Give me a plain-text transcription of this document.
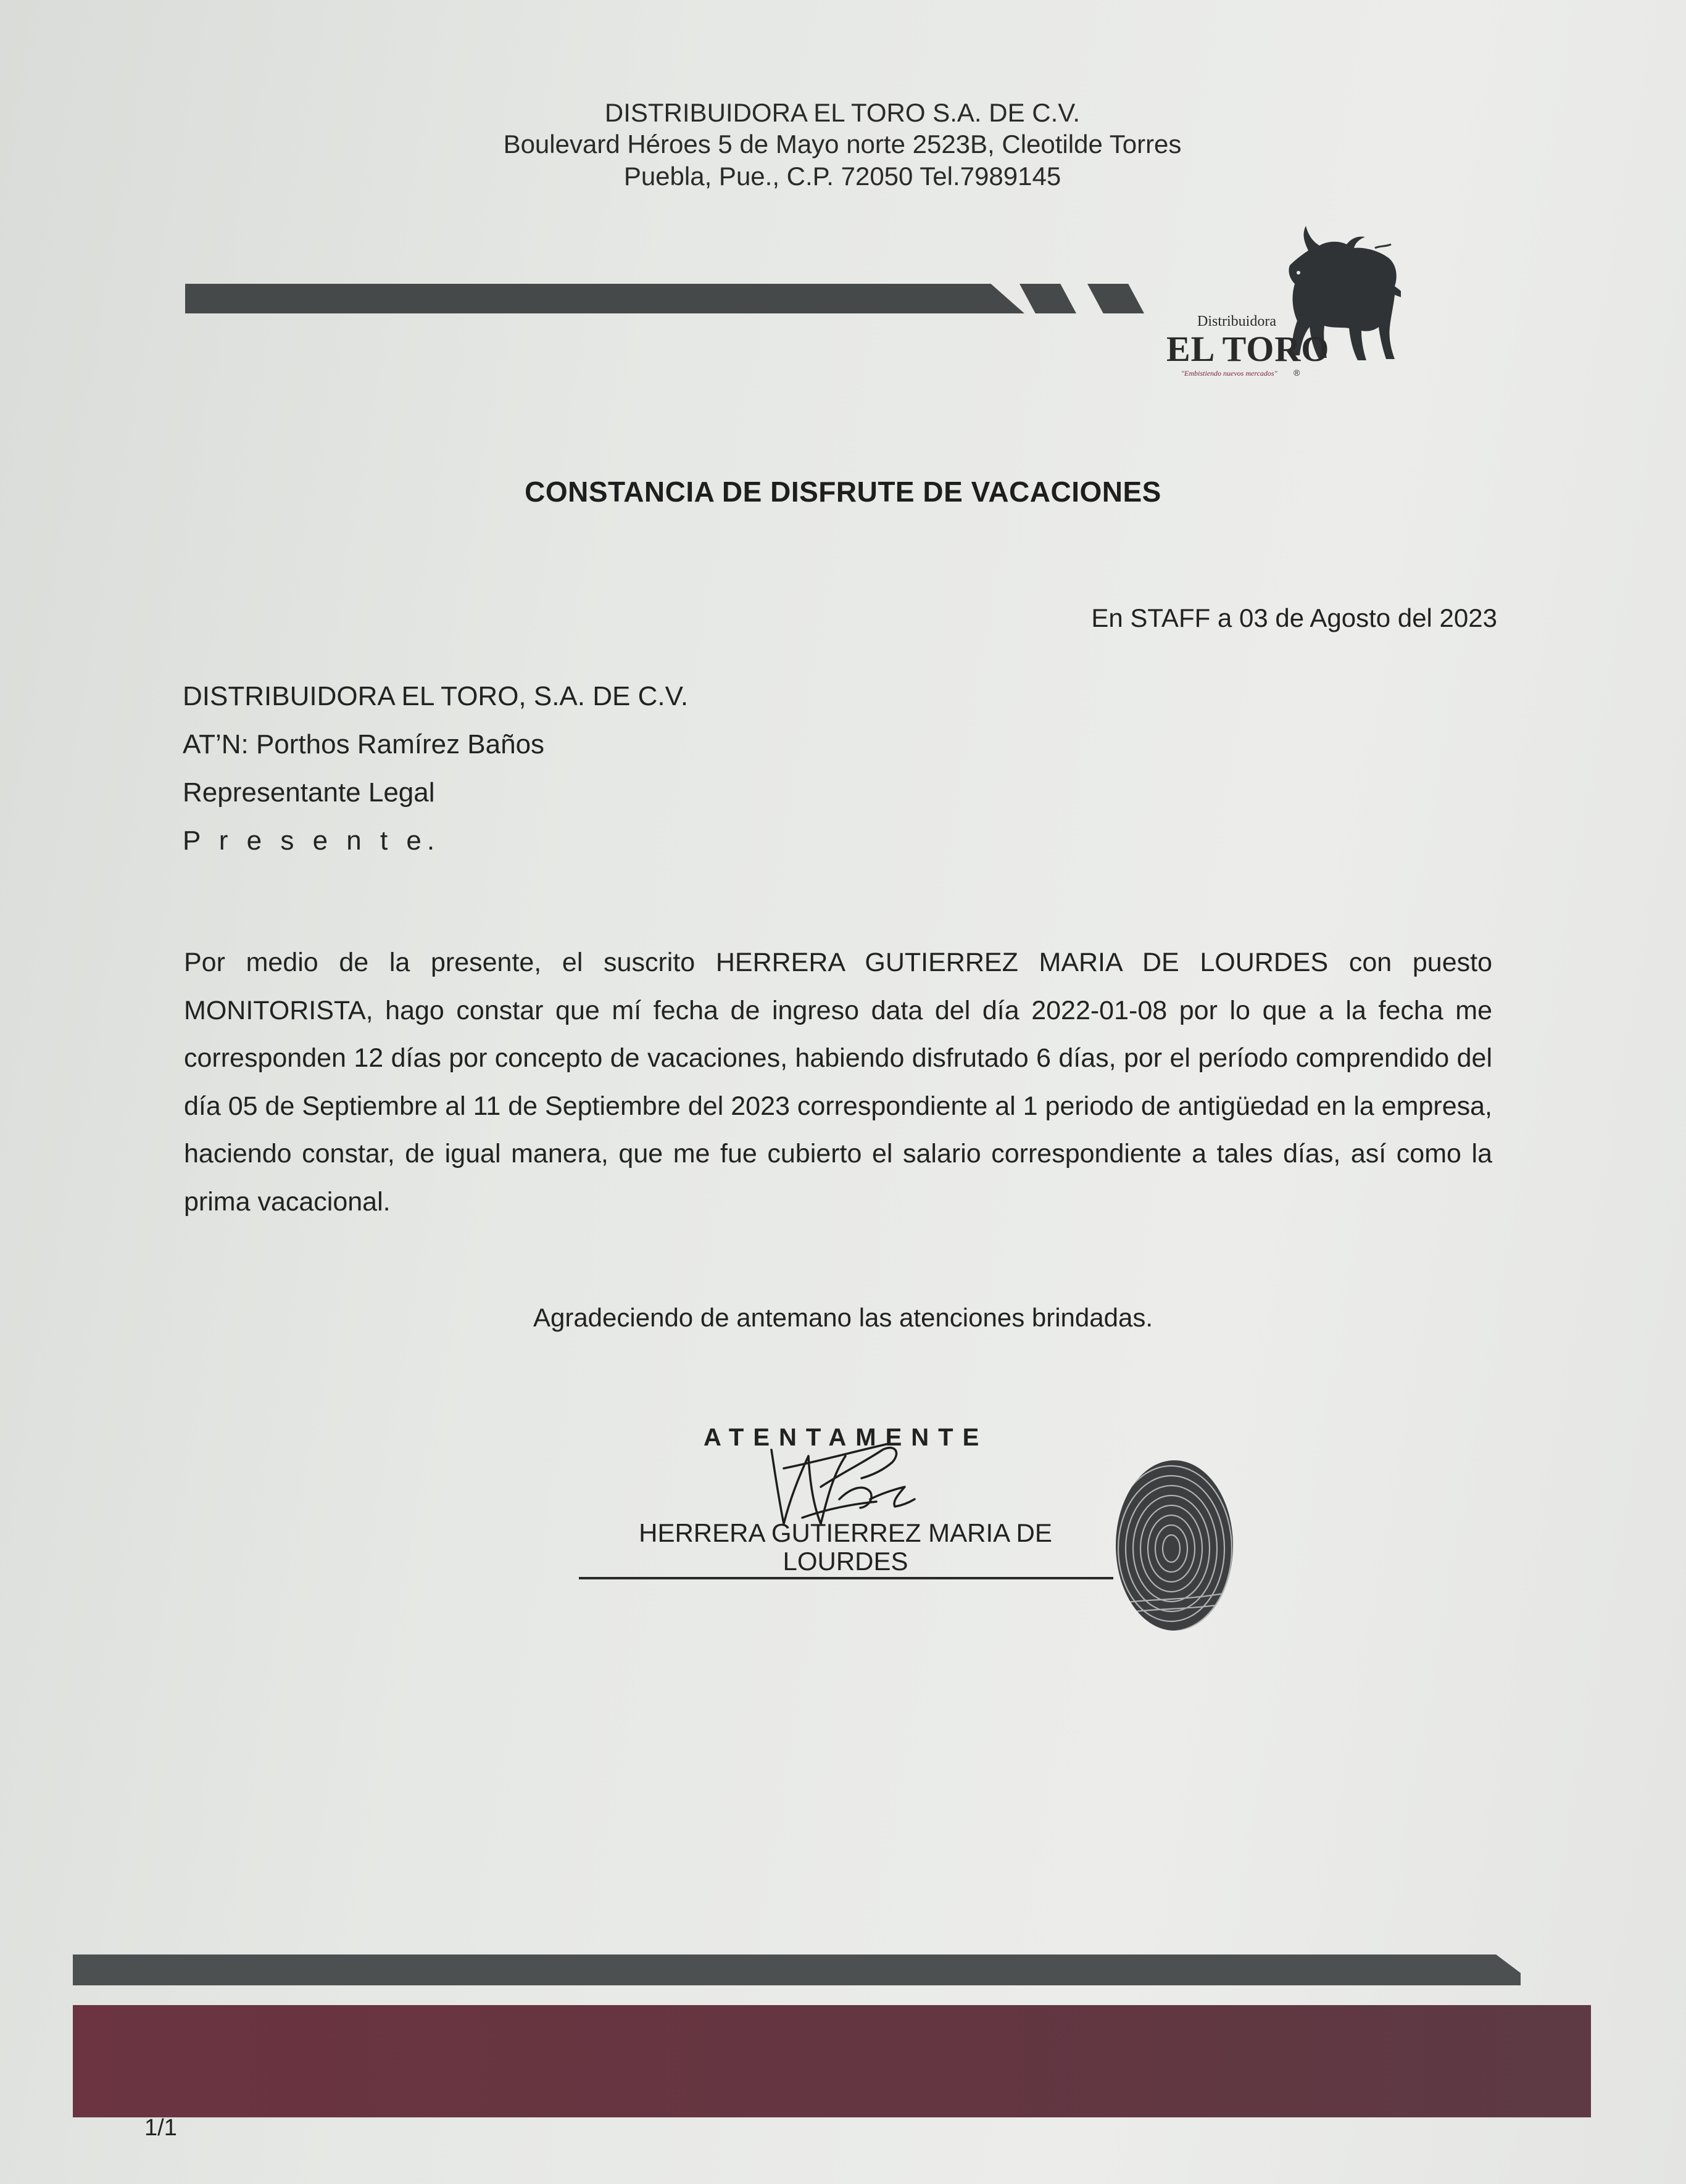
DISTRIBUIDORA EL TORO S.A. DE C.V.
Boulevard Héroes 5 de Mayo norte 2523B, Cleotilde Torres
Puebla, Pue., C.P. 72050 Tel.7989145
Distribuidora
EL TORO
"Embistiendo nuevos mercados" ®
CONSTANCIA DE DISFRUTE DE VACACIONES
En STAFF a 03 de Agosto del 2023
DISTRIBUIDORA EL TORO, S.A. DE C.V.
AT’N: Porthos Ramírez Baños
Representante Legal
P r e s e n t e.
Por medio de la presente, el suscrito HERRERA GUTIERREZ MARIA DE LOURDES con puesto MONITORISTA, hago constar que mí fecha de ingreso data del día 2022-01-08 por lo que a la fecha me corresponden 12 días por concepto de vacaciones, habiendo disfrutado 6 días, por el período comprendido del día 05 de Septiembre al 11 de Septiembre del 2023 correspondiente al 1 periodo de antigüedad en la empresa, haciendo constar, de igual manera, que me fue cubierto el salario correspondiente a tales días, así como la prima vacacional.
Agradeciendo de antemano las atenciones brindadas.
ATENTAMENTE
HERRERA GUTIERREZ MARIA DE LOURDES
1/1
